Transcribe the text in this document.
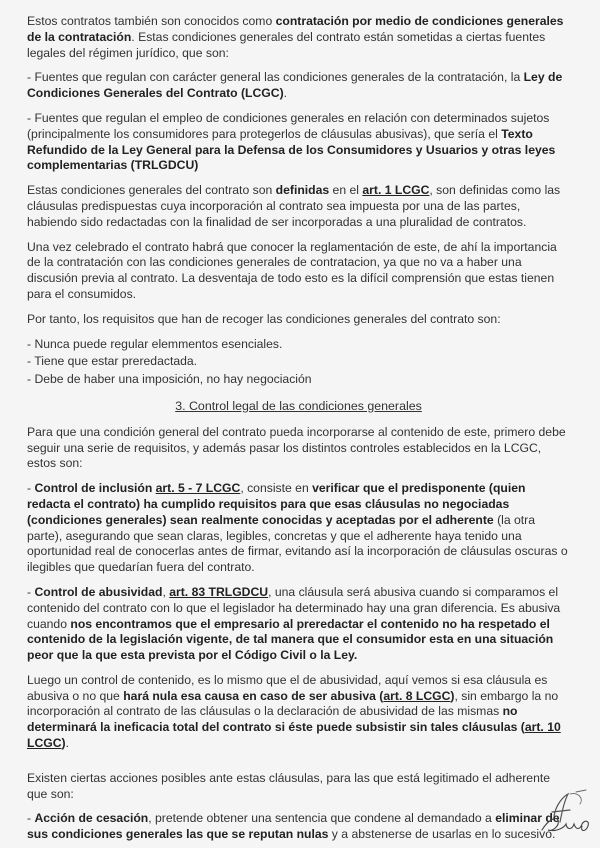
Estos contratos también son conocidos como contratación por medio de condiciones generales de la contratación. Estas condiciones generales del contrato están sometidas a ciertas fuentes legales del régimen jurídico, que son:

- Fuentes que regulan con carácter general las condiciones generales de la contratación, la Ley de Condiciones Generales del Contrato (LCGC).

- Fuentes que regulan el empleo de condiciones generales en relación con determinados sujetos (principalmente los consumidores para protegerlos de cláusulas abusivas), que sería el Texto Refundido de la Ley General para la Defensa de los Consumidores y Usuarios y otras leyes complementarias (TRLGDCU)

Estas condiciones generales del contrato son definidas en el art. 1 LCGC, son definidas como las cláusulas predispuestas cuya incorporación al contrato sea impuesta por una de las partes, habiendo sido redactadas con la finalidad de ser incorporadas a una pluralidad de contratos.

Una vez celebrado el contrato habrá que conocer la reglamentación de este, de ahí la importancia de la contratación con las condiciones generales de contratacion, ya que no va a haber una discusión previa al contrato. La desventaja de todo esto es la difícil comprensión que estas tienen para el consumidos.

Por tanto, los requisitos que han de recoger las condiciones generales del contrato son:

- Nunca puede regular elemmentos esenciales.

- Tiene que estar preredactada.

- Debe de haber una imposición, no hay negociación

3. Control legal de las condiciones generales

Para que una condición general del contrato pueda incorporarse al contenido de este, primero debe seguir una serie de requisitos, y además pasar los distintos controles establecidos en la LCGC, estos son:

- Control de inclusión art. 5 - 7 LCGC, consiste en verificar que el predisponente (quien redacta el contrato) ha cumplido requisitos para que esas cláusulas no negociadas (condiciones generales) sean realmente conocidas y aceptadas por el adherente (la otra parte), asegurando que sean claras, legibles, concretas y que el adherente haya tenido una oportunidad real de conocerlas antes de firmar, evitando así la incorporación de cláusulas oscuras o ilegibles que quedarían fuera del contrato.

- Control de abusividad, art. 83 TRLGDCU, una cláusula será abusiva cuando si comparamos el contenido del contrato con lo que el legislador ha determinado hay una gran diferencia. Es abusiva cuando nos encontramos que el empresario al preredactar el contenido no ha respetado el contenido de la legislación vigente, de tal manera que el consumidor esta en una situación peor que la que esta prevista por el Código Civil o la Ley.

Luego un control de contenido, es lo mismo que el de abusividad, aquí vemos si esa cláusula es abusiva o no que hará nula esa causa en caso de ser abusiva (art. 8 LCGC), sin embargo la no incorporación al contrato de las cláusulas o la declaración de abusividad de las mismas no determinará la ineficacia total del contrato si éste puede subsistir sin tales cláusulas (art. 10 LCGC).

Existen ciertas acciones posibles ante estas cláusulas, para las que está legitimado el adherente que son:

- Acción de cesación, pretende obtener una sentencia que condene al demandado a eliminar de sus condiciones generales las que se reputan nulas y a abstenerse de usarlas en lo sucesivo.
